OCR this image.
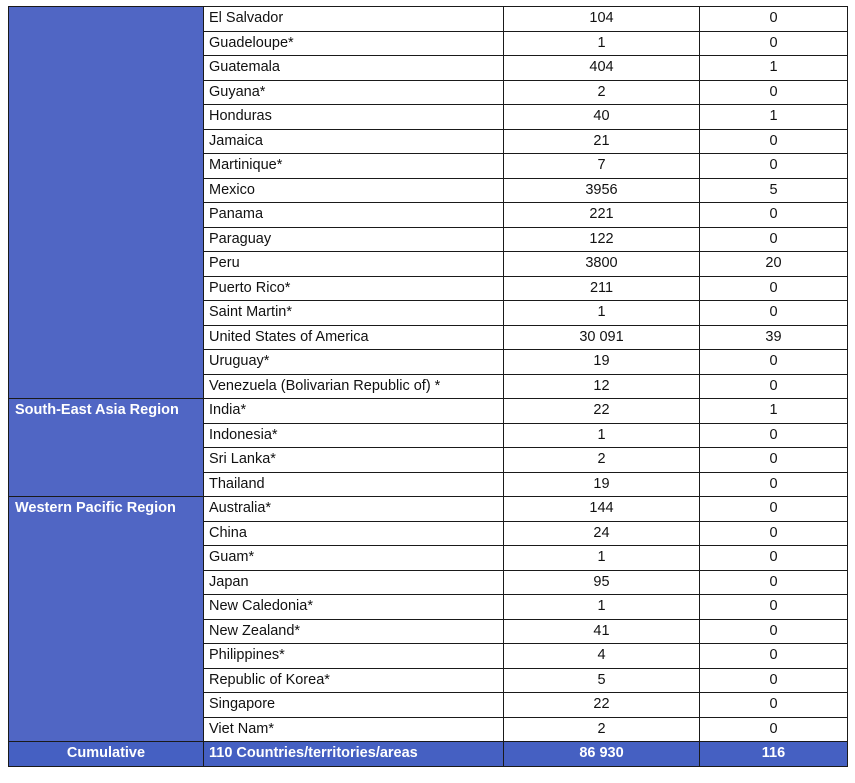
	El Salvador	104	0
	Guadeloupe*	1	0
	Guatemala	404	1
	Guyana*	2	0
	Honduras	40	1
	Jamaica	21	0
	Martinique*	7	0
	Mexico	3956	5
	Panama	221	0
	Paraguay	122	0
	Peru	3800	20
	Puerto Rico*	211	0
	Saint Martin*	1	0
	United States of America	30 091	39
	Uruguay*	19	0
	Venezuela (Bolivarian Republic of) *	12	0
South-East Asia Region	India*	22	1
	Indonesia*	1	0
	Sri Lanka*	2	0
	Thailand	19	0
Western Pacific Region	Australia*	144	0
	China	24	0
	Guam*	1	0
	Japan	95	0
	New Caledonia*	1	0
	New Zealand*	41	0
	Philippines*	4	0
	Republic of Korea*	5	0
	Singapore	22	0
	Viet Nam*	2	0
Cumulative	110 Countries/territories/areas	86 930	116
